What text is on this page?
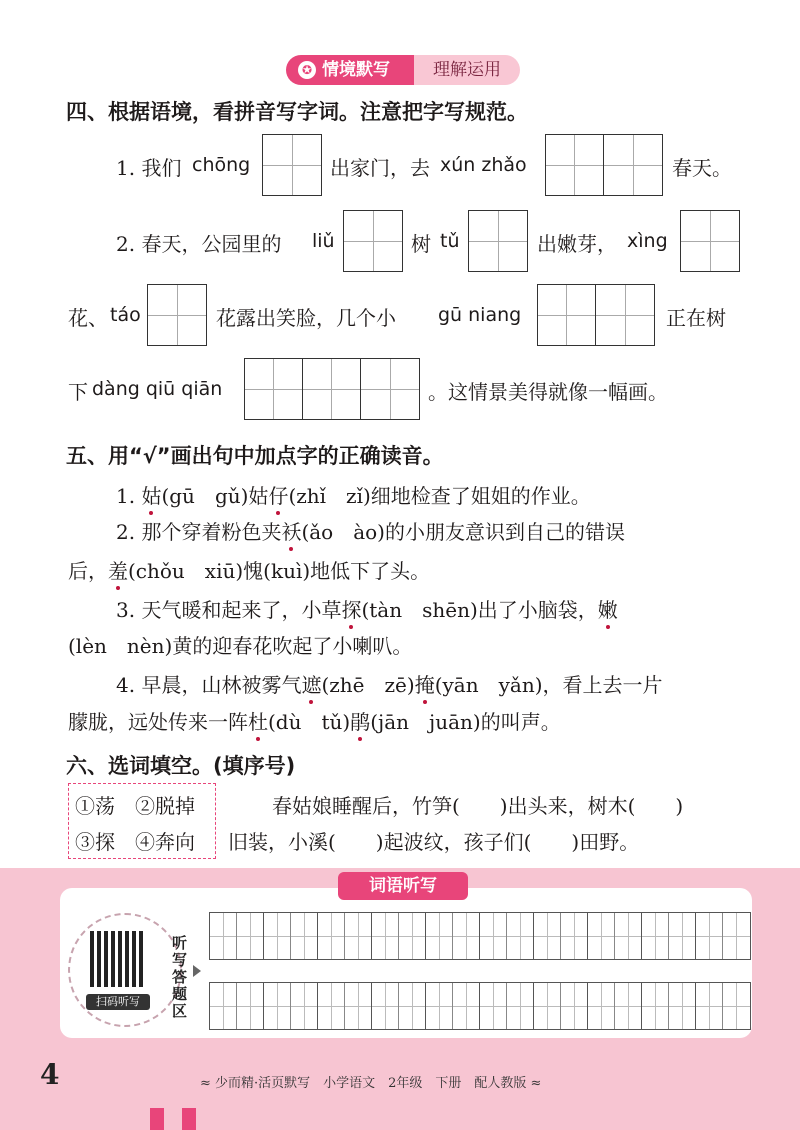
✪ 情境默写	理解运用
四、根据语境，看拼音写字词。注意把字写规范。
1. 我们 chōng	出家门，去 xún zhǎo	春天。
2. 春天，公园里的 liǔ	树 tǔ	出嫩芽， xìng
花、 táo	花露出笑脸，几个小 gū niang	正在树
下 dàng qiū qiān	。这情景美得就像一幅画。
五、用“√”画出句中加点字的正确读音。
1. 姑(gū　gǔ)姑仔(zhǐ　zǐ)细地检查了姐姐的作业。
2. 那个穿着粉色夹袄(ǎo　ào)的小朋友意识到自己的错误
后，羞(chǒu　xiū)愧(kuì)地低下了头。
3. 天气暖和起来了，小草探(tàn　shēn)出了小脑袋，嫩
(lèn　nèn)黄的迎春花吹起了小喇叭。
4. 早晨，山林被雾气遮(zhē　zē)掩(yān　yǎn)，看上去一片
朦胧，远处传来一阵杜(dù　tǔ)鹃(jān　juān)的叫声。
六、选词填空。(填序号)
①荡 ②脱掉
③探 ④奔向
春姑娘睡醒后，竹笋(　　)出头来，树木(　　)
旧装，小溪(　　)起波纹，孩子们(　　)田野。
词语听写
扫码听写
听写答题区
4	≈ 少而精·活页默写　小学语文　2年级　下册　配人教版 ≈
